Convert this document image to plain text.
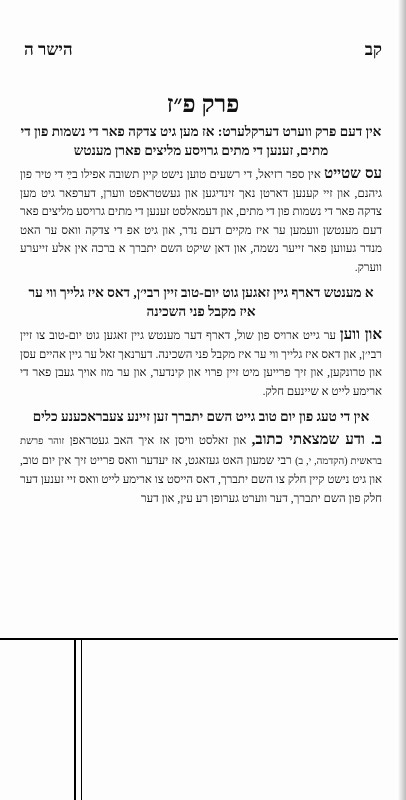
קב
הישר ה
פרק פ״ז
אין דעם פרק ווערט דערקלערט: אז מען גיט צדקה פאר די נשמות פון די מתים, זענען די מתים גרויסע מליצים פארן מענטש

עס שטייט אין ספר רזיאל, די רשעים טוען נישט קיין תשובה אפילו בײַ די טיר פון גיהנם, און זיי קענען דארטן נאך זינדיגען און געשטראפט ווערן, דערפאר גיט מען צדקה פאר די נשמות פון די מתים, און דעמאלסט זענען די מתים גרויסע מליצים פאר דעם מענטשן וועמען ער איז מקיים דעם נדר, און גיט אפ די צדקה וואס ער האט מנדר געווען פאר זייער נשמה, און דאן שיקט השם יתברך א ברכה אין אלע זייערע ווערק.

א מענטש דארף גיין זאגען גוט יום-טוב זיין רבי׳ן, דאס איז גלייך ווי ער איז מקבל פני השכינה

און ווען ער גייט ארויס פון שול, דארף דער מענטש גיין זאגען גוט יום-טוב צו זיין רבי׳ן, און דאס איז גלייך ווי ער איז מקבל פני השכינה. דערנאך זאל ער גיין אהיים עסן און טרונקען, און זיך פרייען מיט זיין פרוי און קינדער, און ער מוז אויך געבן פאר די ארימע לייט א שיינעם חלק.

אין די טעג פון יום טוב גייט השם יתברך זען זיינע צעבראכענע כלים

ב. ודע שמצאתי כתוב, און זאלסט וויסן אז איך האב געטראפן זוהר פרשת בראשית (הקדמה, י, ב) רבי שמעון האט געזאגט, אז יעדער וואס פרייט זיך אין יום טוב, און גיט נישט קיין חלק צו השם יתברך, דאס הייסט צו ארימע לייט וואס זיי זענען דער חלק פון השם יתברך, דער ווערט גערופן רע עין, און דער
